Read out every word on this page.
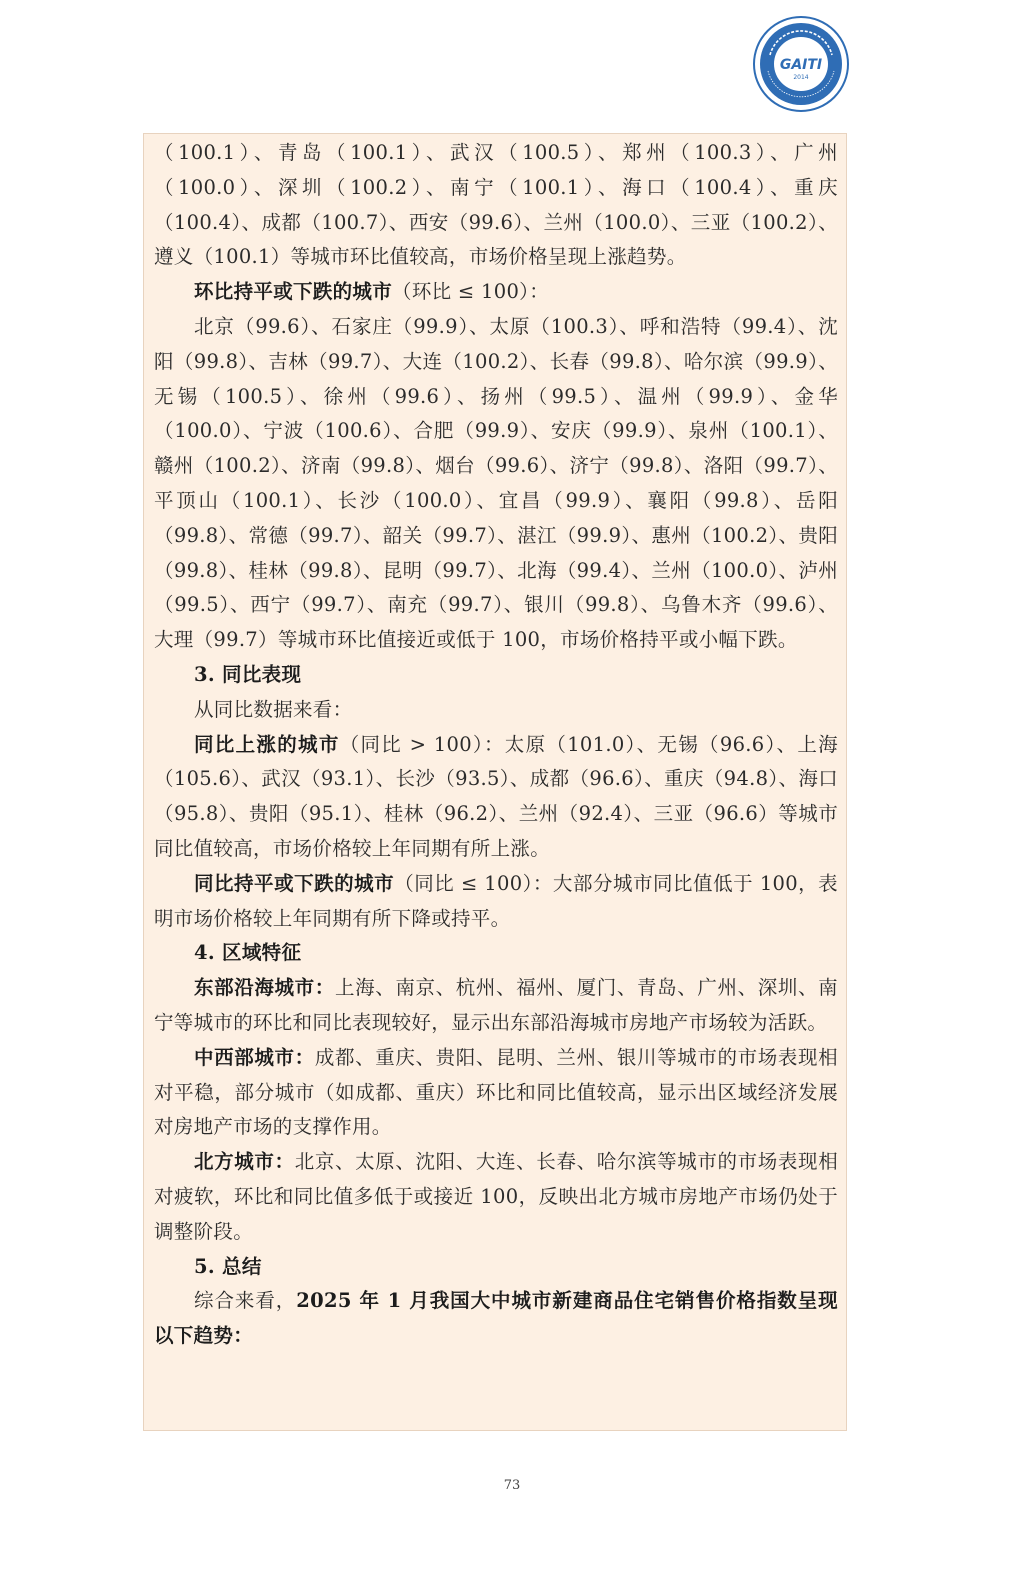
GAITI
2014

（100.1）、青岛（100.1）、武汉（100.5）、郑州（100.3）、广州（100.0）、深圳（100.2）、南宁（100.1）、海口（100.4）、重庆（100.4）、成都（100.7）、西安（99.6）、兰州（100.0）、三亚（100.2）、遵义（100.1）等城市环比值较高，市场价格呈现上涨趋势。

环比持平或下跌的城市（环比 ≤ 100）：

北京（99.6）、石家庄（99.9）、太原（100.3）、呼和浩特（99.4）、沈阳（99.8）、吉林（99.7）、大连（100.2）、长春（99.8）、哈尔滨（99.9）、无锡（100.5）、徐州（99.6）、扬州（99.5）、温州（99.9）、金华（100.0）、宁波（100.6）、合肥（99.9）、安庆（99.9）、泉州（100.1）、赣州（100.2）、济南（99.8）、烟台（99.6）、济宁（99.8）、洛阳（99.7）、平顶山（100.1）、长沙（100.0）、宜昌（99.9）、襄阳（99.8）、岳阳（99.8）、常德（99.7）、韶关（99.7）、湛江（99.9）、惠州（100.2）、贵阳（99.8）、桂林（99.8）、昆明（99.7）、北海（99.4）、兰州（100.0）、泸州（99.5）、西宁（99.7）、南充（99.7）、银川（99.8）、乌鲁木齐（99.6）、大理（99.7）等城市环比值接近或低于 100，市场价格持平或小幅下跌。

3. 同比表现

从同比数据来看：

同比上涨的城市（同比 > 100）：太原（101.0）、无锡（96.6）、上海（105.6）、武汉（93.1）、长沙（93.5）、成都（96.6）、重庆（94.8）、海口（95.8）、贵阳（95.1）、桂林（96.2）、兰州（92.4）、三亚（96.6）等城市同比值较高，市场价格较上年同期有所上涨。

同比持平或下跌的城市（同比 ≤ 100）：大部分城市同比值低于 100，表明市场价格较上年同期有所下降或持平。

4. 区域特征

东部沿海城市：上海、南京、杭州、福州、厦门、青岛、广州、深圳、南宁等城市的环比和同比表现较好，显示出东部沿海城市房地产市场较为活跃。

中西部城市：成都、重庆、贵阳、昆明、兰州、银川等城市的市场表现相对平稳，部分城市（如成都、重庆）环比和同比值较高，显示出区域经济发展对房地产市场的支撑作用。

北方城市：北京、太原、沈阳、大连、长春、哈尔滨等城市的市场表现相对疲软，环比和同比值多低于或接近 100，反映出北方城市房地产市场仍处于调整阶段。

5. 总结

综合来看，2025 年 1 月我国大中城市新建商品住宅销售价格指数呈现以下趋势：

73
